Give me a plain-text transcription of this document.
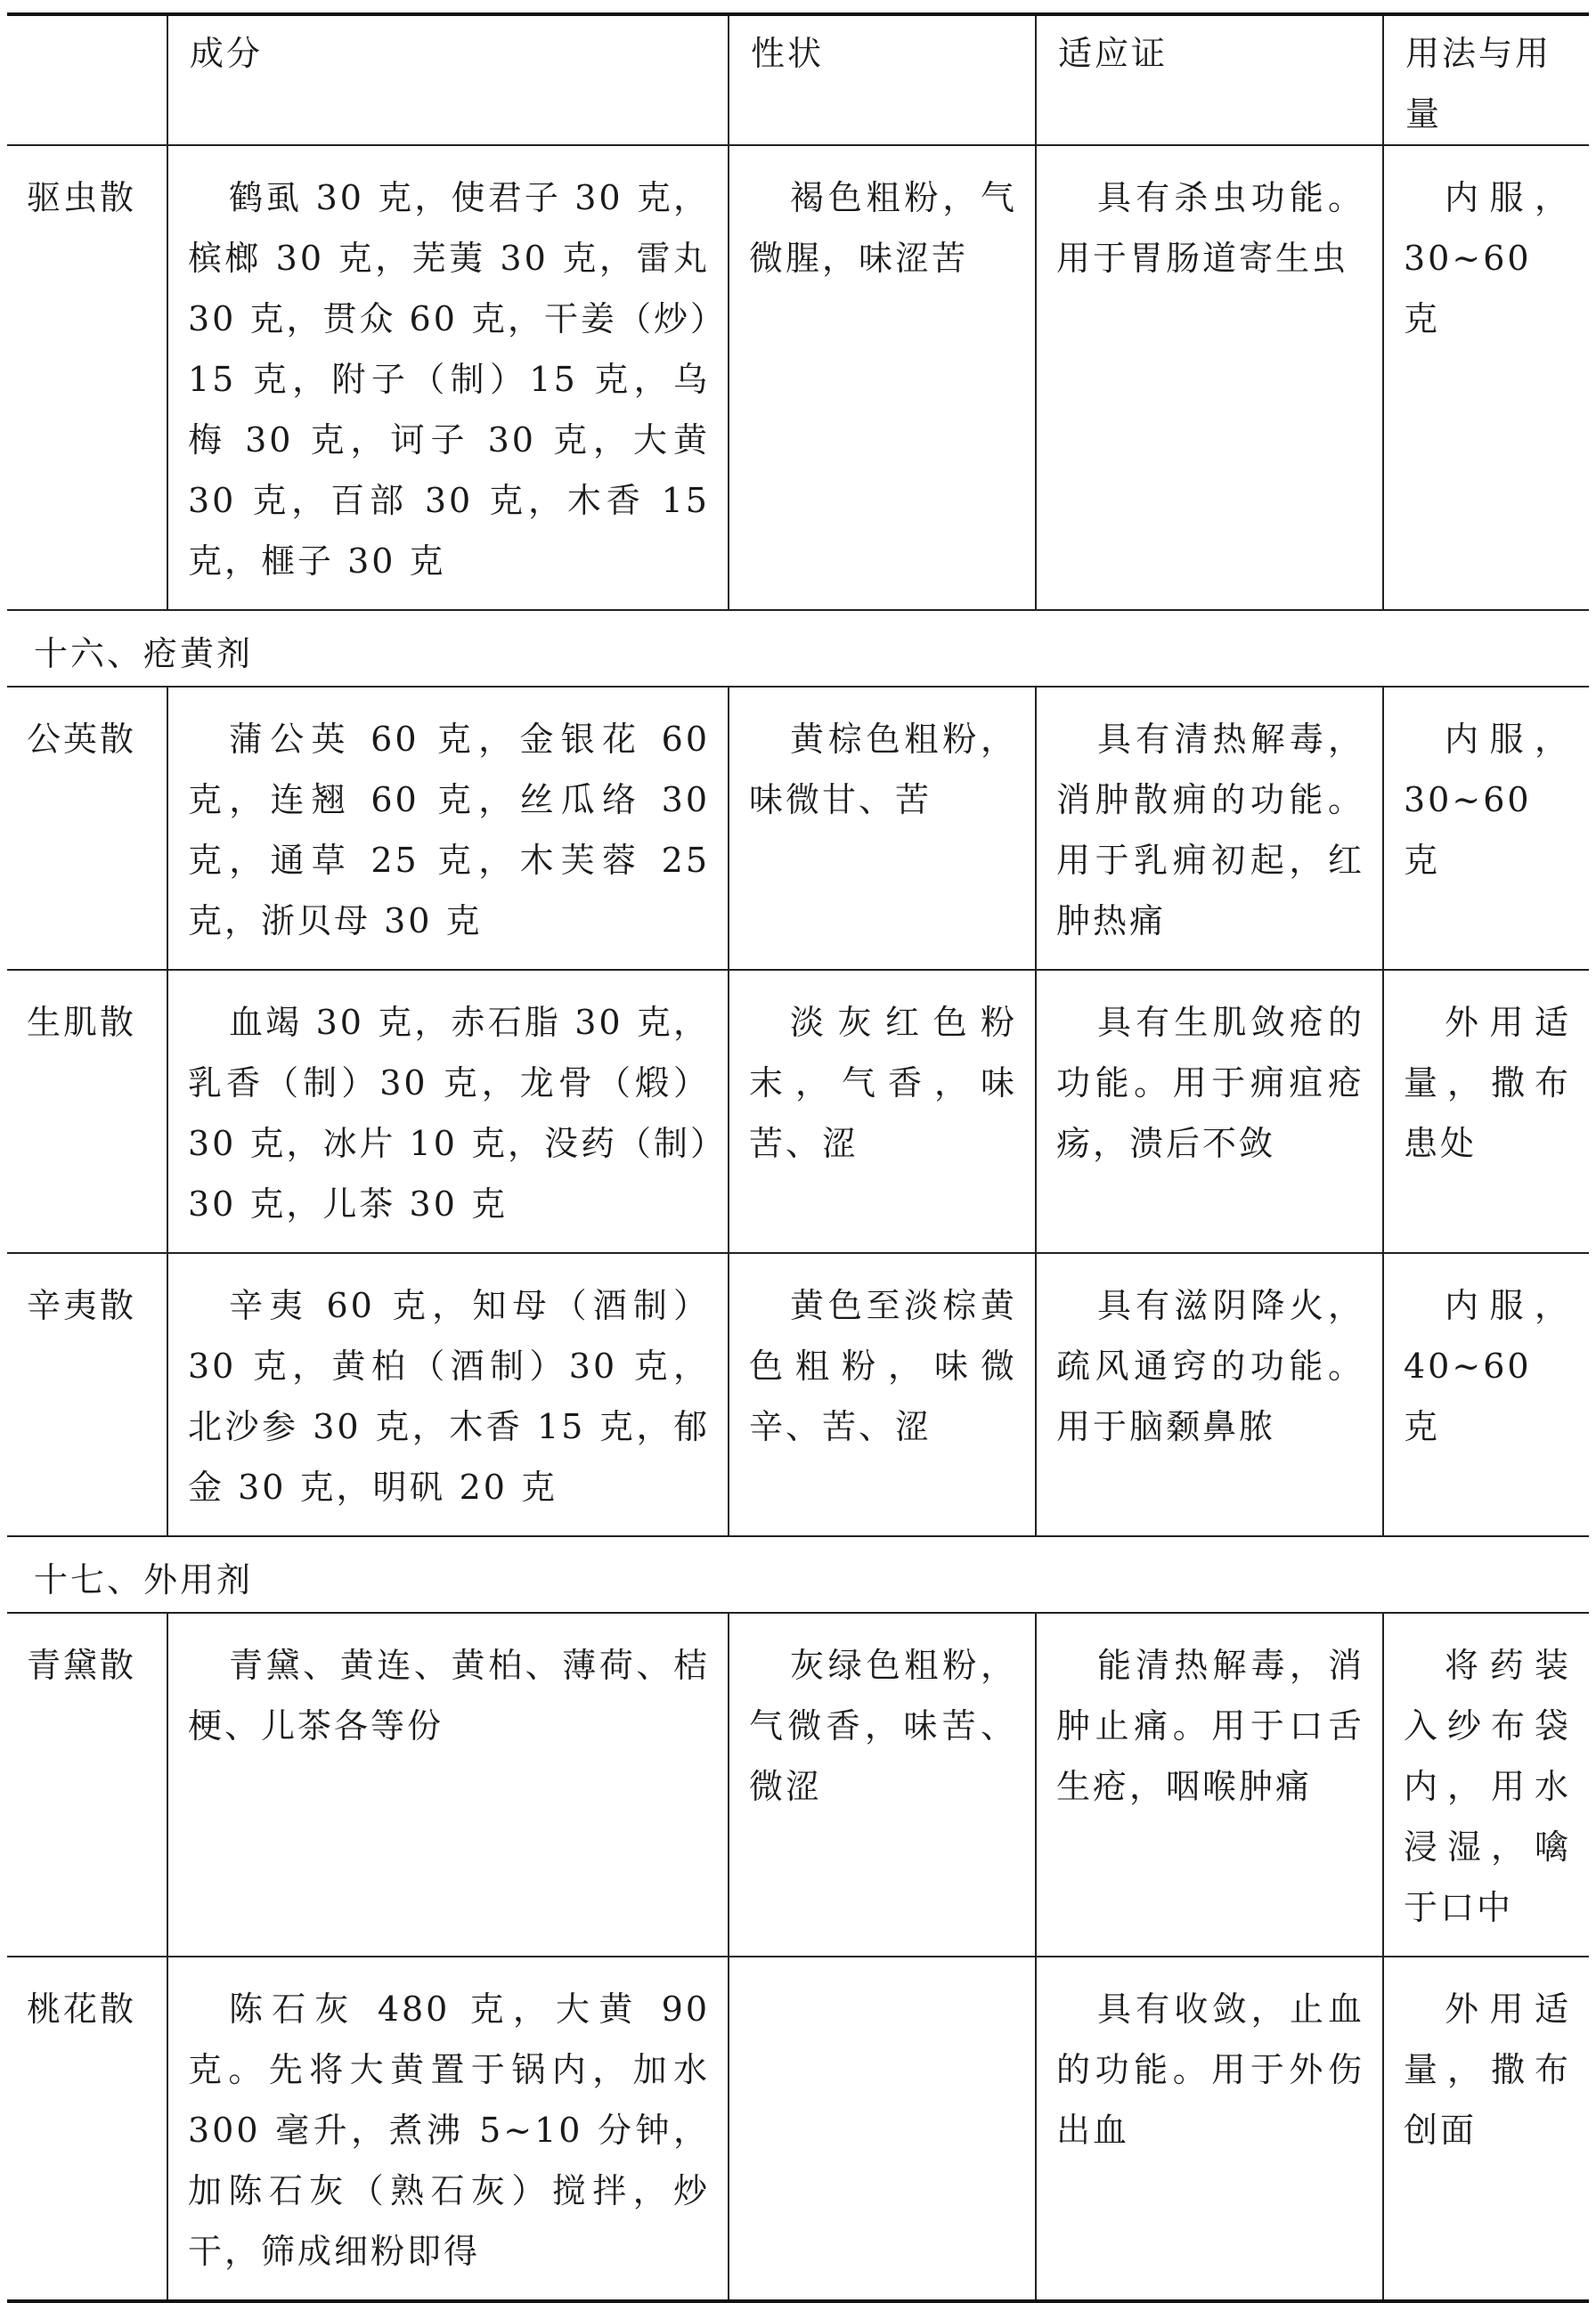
	成分	性状	适应证	用法与用量
驱虫散	鹤虱 30 克，使君子 30 克，槟榔 30 克，芜荑 30 克，雷丸 30 克，贯众 60 克，干姜（炒）15 克，附子（制）15 克，乌梅 30 克，诃子 30 克，大黄 30 克，百部 30 克，木香 15 克，榧子 30 克	褐色粗粉，气微腥，味涩苦	具有杀虫功能。用于胃肠道寄生虫	内服，30~60 克

十六、疮黄剂				
公英散	蒲公英 60 克，金银花 60 克，连翘 60 克，丝瓜络 30 克，通草 25 克，木芙蓉 25 克，浙贝母 30 克	黄棕色粗粉，味微甘、苦	具有清热解毒，消肿散痈的功能。用于乳痈初起，红肿热痛	内服，30~60 克

生肌散	血竭 30 克，赤石脂 30 克，乳香（制）30 克，龙骨（煅）30 克，冰片 10 克，没药（制）30 克，儿茶 30 克	淡灰红色粉末，气香，味苦、涩	具有生肌敛疮的功能。用于痈疽疮疡，溃后不敛	外用适量，撒布患处

辛夷散	辛夷 60 克，知母（酒制）30 克，黄柏（酒制）30 克，北沙参 30 克，木香 15 克，郁金 30 克，明矾 20 克	黄色至淡棕黄色粗粉，味微辛、苦、涩	具有滋阴降火，疏风通窍的功能。用于脑颡鼻脓	内服，40~60 克

十七、外用剂				
青黛散	青黛、黄连、黄柏、薄荷、桔梗、儿茶各等份	灰绿色粗粉，气微香，味苦、微涩	能清热解毒，消肿止痛。用于口舌生疮，咽喉肿痛	将药装入纱布袋内，用水浸湿，噙于口中

桃花散	陈石灰 480 克，大黄 90 克。先将大黄置于锅内，加水 300 毫升，煮沸 5~10 分钟，加陈石灰（熟石灰）搅拌，炒干，筛成细粉即得		具有收敛，止血的功能。用于外伤出血	外用适量，撒布创面
